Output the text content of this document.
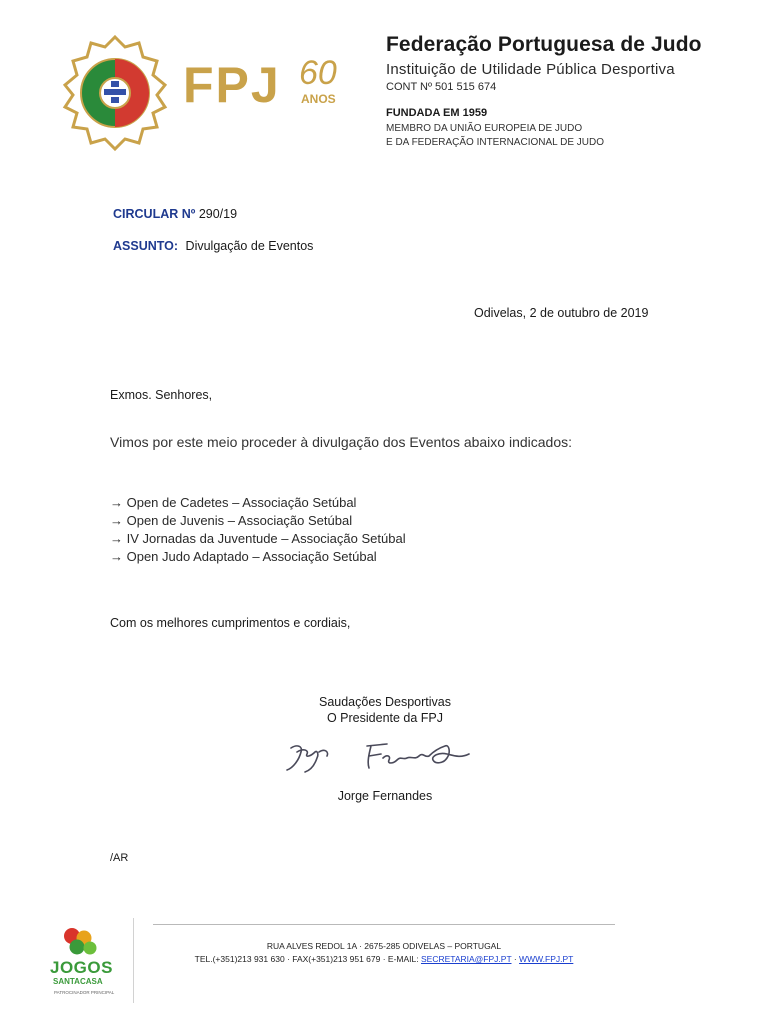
FPJ 60
ANOS
Federação Portuguesa de Judo
Instituição de Utilidade Pública Desportiva
CONT Nº 501 515 674
FUNDADA EM 1959
MEMBRO DA UNIÃO EUROPEIA DE JUDO
E DA FEDERAÇÃO INTERNACIONAL DE JUDO
CIRCULAR Nº 290/19
ASSUNTO: Divulgação de Eventos
Odivelas, 2 de outubro de 2019
Exmos. Senhores,
Vimos por este meio proceder à divulgação dos Eventos abaixo indicados:
→ Open de Cadetes – Associação Setúbal
→ Open de Juvenis – Associação Setúbal
→ IV Jornadas da Juventude – Associação Setúbal
→ Open Judo Adaptado – Associação Setúbal
Com os melhores cumprimentos e cordiais,
Saudações Desportivas
O Presidente da FPJ
Jorge Fernandes
/AR
JOGOS
SANTACASA
PATROCINADOR PRINCIPAL
RUA ALVES REDOL 1A · 2675-285 ODIVELAS – PORTUGAL
TEL.(+351)213 931 630 · FAX(+351)213 951 679 · E-MAIL: SECRETARIA@FPJ.PT · WWW.FPJ.PT
